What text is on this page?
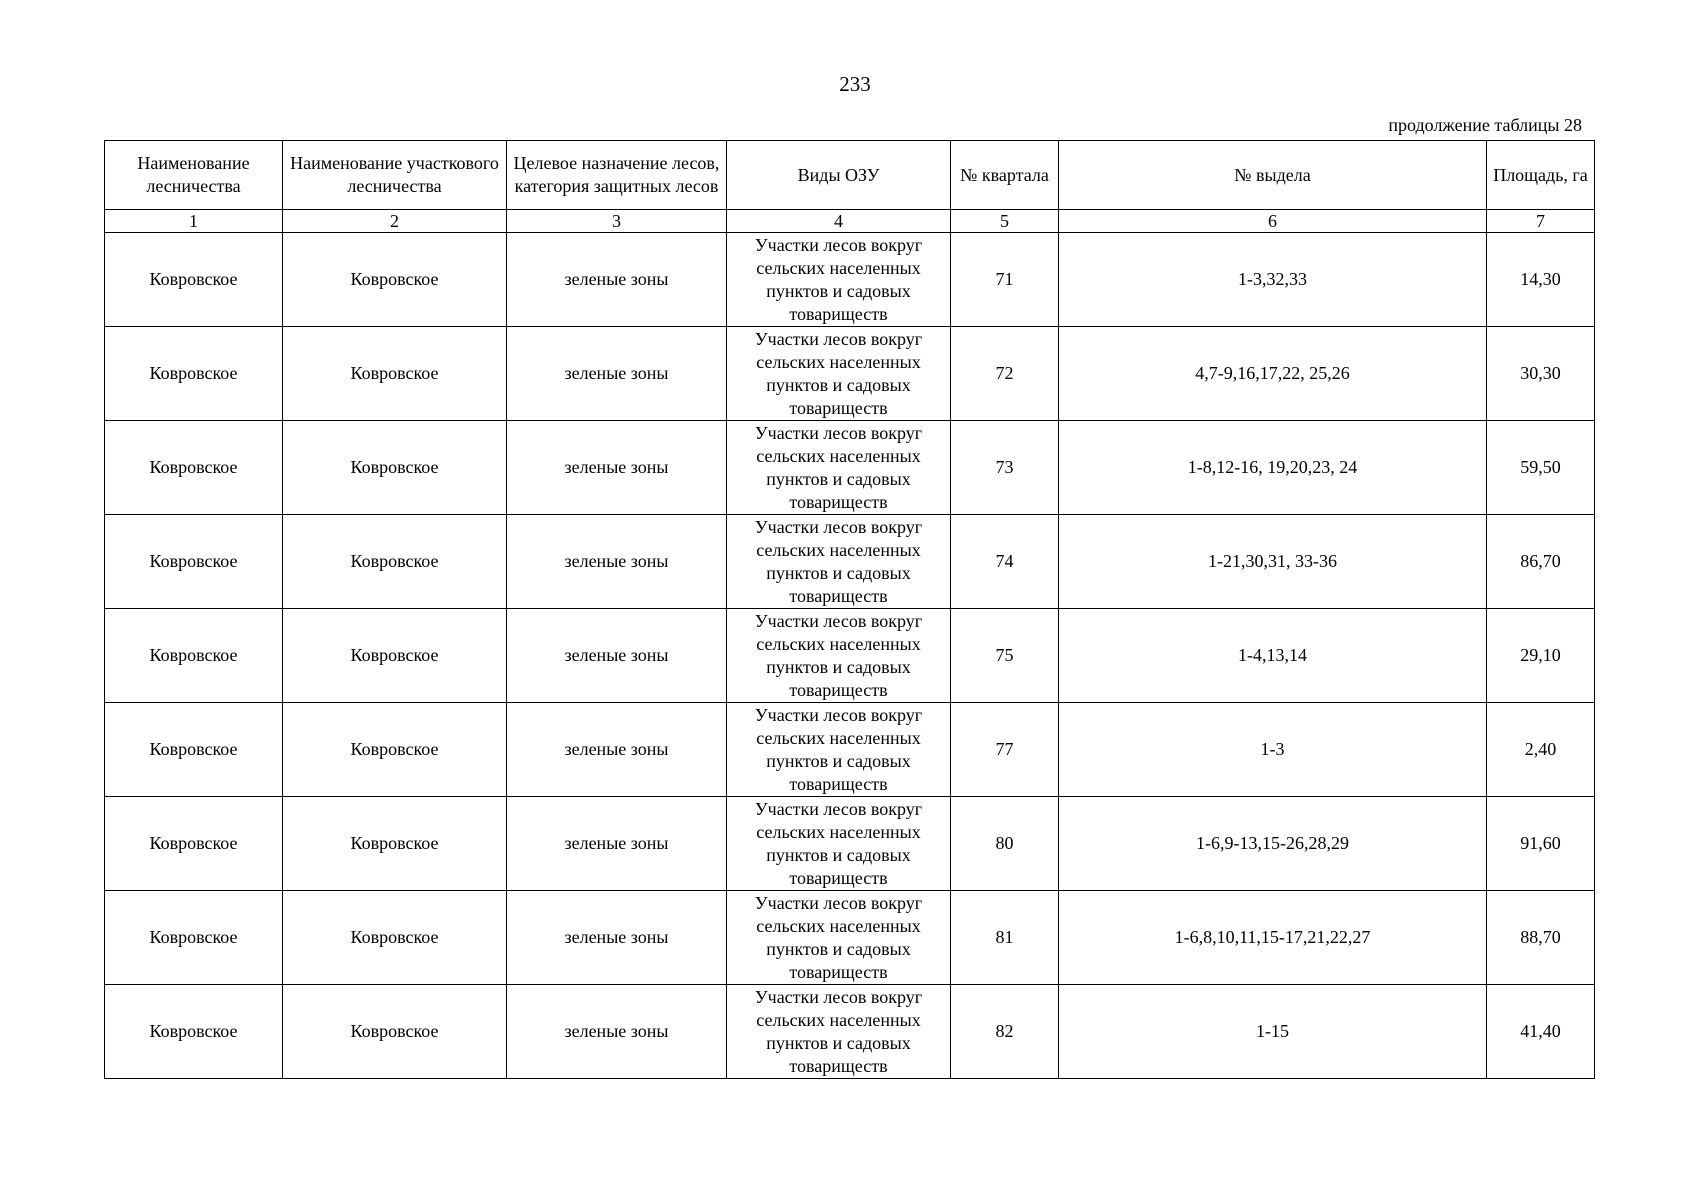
233
продолжение таблицы 28
Наименование лесничества	Наименование участкового лесничества	Целевое назначение лесов, категория защитных лесов	Виды ОЗУ	№ квартала	№ выдела	Площадь, га
1	2	3	4	5	6	7
Ковровское	Ковровское	зеленые зоны	Участки лесов вокруг сельских населенных пунктов и садовых товариществ	71	1-3,32,33	14,30
Ковровское	Ковровское	зеленые зоны	Участки лесов вокруг сельских населенных пунктов и садовых товариществ	72	4,7-9,16,17,22, 25,26	30,30
Ковровское	Ковровское	зеленые зоны	Участки лесов вокруг сельских населенных пунктов и садовых товариществ	73	1-8,12-16, 19,20,23, 24	59,50
Ковровское	Ковровское	зеленые зоны	Участки лесов вокруг сельских населенных пунктов и садовых товариществ	74	1-21,30,31, 33-36	86,70
Ковровское	Ковровское	зеленые зоны	Участки лесов вокруг сельских населенных пунктов и садовых товариществ	75	1-4,13,14	29,10
Ковровское	Ковровское	зеленые зоны	Участки лесов вокруг сельских населенных пунктов и садовых товариществ	77	1-3	2,40
Ковровское	Ковровское	зеленые зоны	Участки лесов вокруг сельских населенных пунктов и садовых товариществ	80	1-6,9-13,15-26,28,29	91,60
Ковровское	Ковровское	зеленые зоны	Участки лесов вокруг сельских населенных пунктов и садовых товариществ	81	1-6,8,10,11,15-17,21,22,27	88,70
Ковровское	Ковровское	зеленые зоны	Участки лесов вокруг сельских населенных пунктов и садовых товариществ	82	1-15	41,40
